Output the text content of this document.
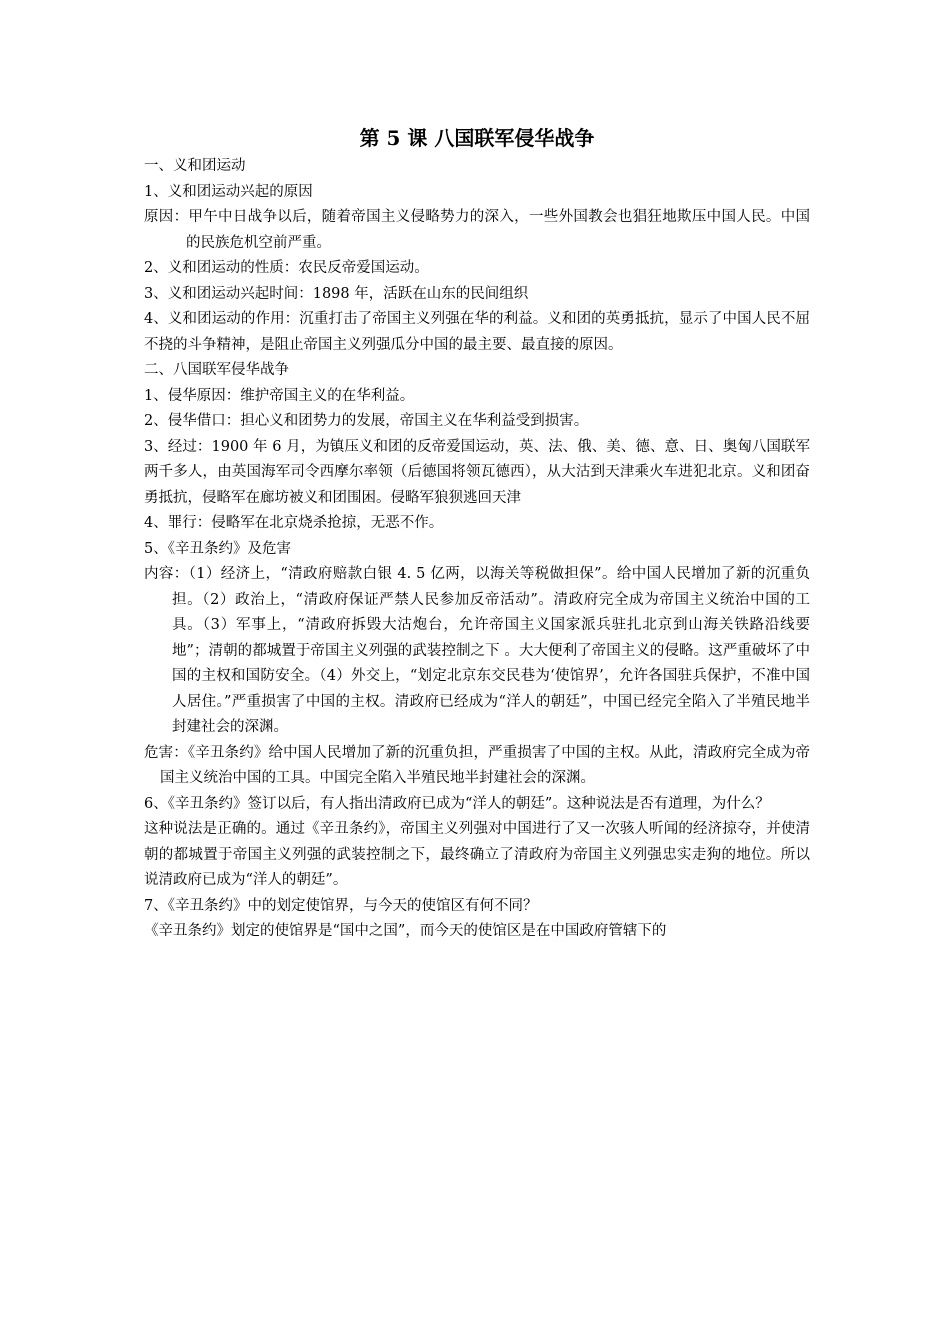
第 5 课 八国联军侵华战争

一、义和团运动

1、义和团运动兴起的原因

原因：甲午中日战争以后，随着帝国主义侵略势力的深入，一些外国教会也猖狂地欺压中国人民。中国的民族危机空前严重。

2、义和团运动的性质：农民反帝爱国运动。

3、义和团运动兴起时间：1898 年，活跃在山东的民间组织

4、义和团运动的作用：沉重打击了帝国主义列强在华的利益。义和团的英勇抵抗，显示了中国人民不屈不挠的斗争精神，是阻止帝国主义列强瓜分中国的最主要、最直接的原因。

二、八国联军侵华战争

1、侵华原因：维护帝国主义的在华利益。

2、侵华借口：担心义和团势力的发展，帝国主义在华利益受到损害。

3、经过：1900 年 6 月，为镇压义和团的反帝爱国运动，英、法、俄、美、德、意、日、奥匈八国联军两千多人，由英国海军司令西摩尔率领（后德国将领瓦德西），从大沽到天津乘火车进犯北京。义和团奋勇抵抗，侵略军在廊坊被义和团围困。侵略军狼狈逃回天津

4、罪行：侵略军在北京烧杀抢掠，无恶不作。

5、《辛丑条约》及危害

内容：（1）经济上，“清政府赔款白银 4. 5 亿两，以海关等税做担保”。给中国人民增加了新的沉重负担。（2）政治上，“清政府保证严禁人民参加反帝活动”。清政府完全成为帝国主义统治中国的工具。（3）军事上，“清政府拆毁大沽炮台，允许帝国主义国家派兵驻扎北京到山海关铁路沿线要地”；清朝的都城置于帝国主义列强的武装控制之下 。大大便利了帝国主义的侵略。这严重破坏了中国的主权和国防安全。（4）外交上，“划定北京东交民巷为‘使馆界’，允许各国驻兵保护，不准中国人居住。”严重损害了中国的主权。清政府已经成为“洋人的朝廷”，中国已经完全陷入了半殖民地半封建社会的深渊。

危害：《辛丑条约》给中国人民增加了新的沉重负担，严重损害了中国的主权。从此，清政府完全成为帝国主义统治中国的工具。中国完全陷入半殖民地半封建社会的深渊。

6、《辛丑条约》签订以后，有人指出清政府已成为“洋人的朝廷”。这种说法是否有道理，为什么？

这种说法是正确的。通过《辛丑条约》，帝国主义列强对中国进行了又一次骇人听闻的经济掠夺，并使清朝的都城置于帝国主义列强的武装控制之下，最终确立了清政府为帝国主义列强忠实走狗的地位。所以说清政府已成为“洋人的朝廷”。

7、《辛丑条约》中的划定使馆界，与今天的使馆区有何不同？

《辛丑条约》划定的使馆界是“国中之国”，而今天的使馆区是在中国政府管辖下的
